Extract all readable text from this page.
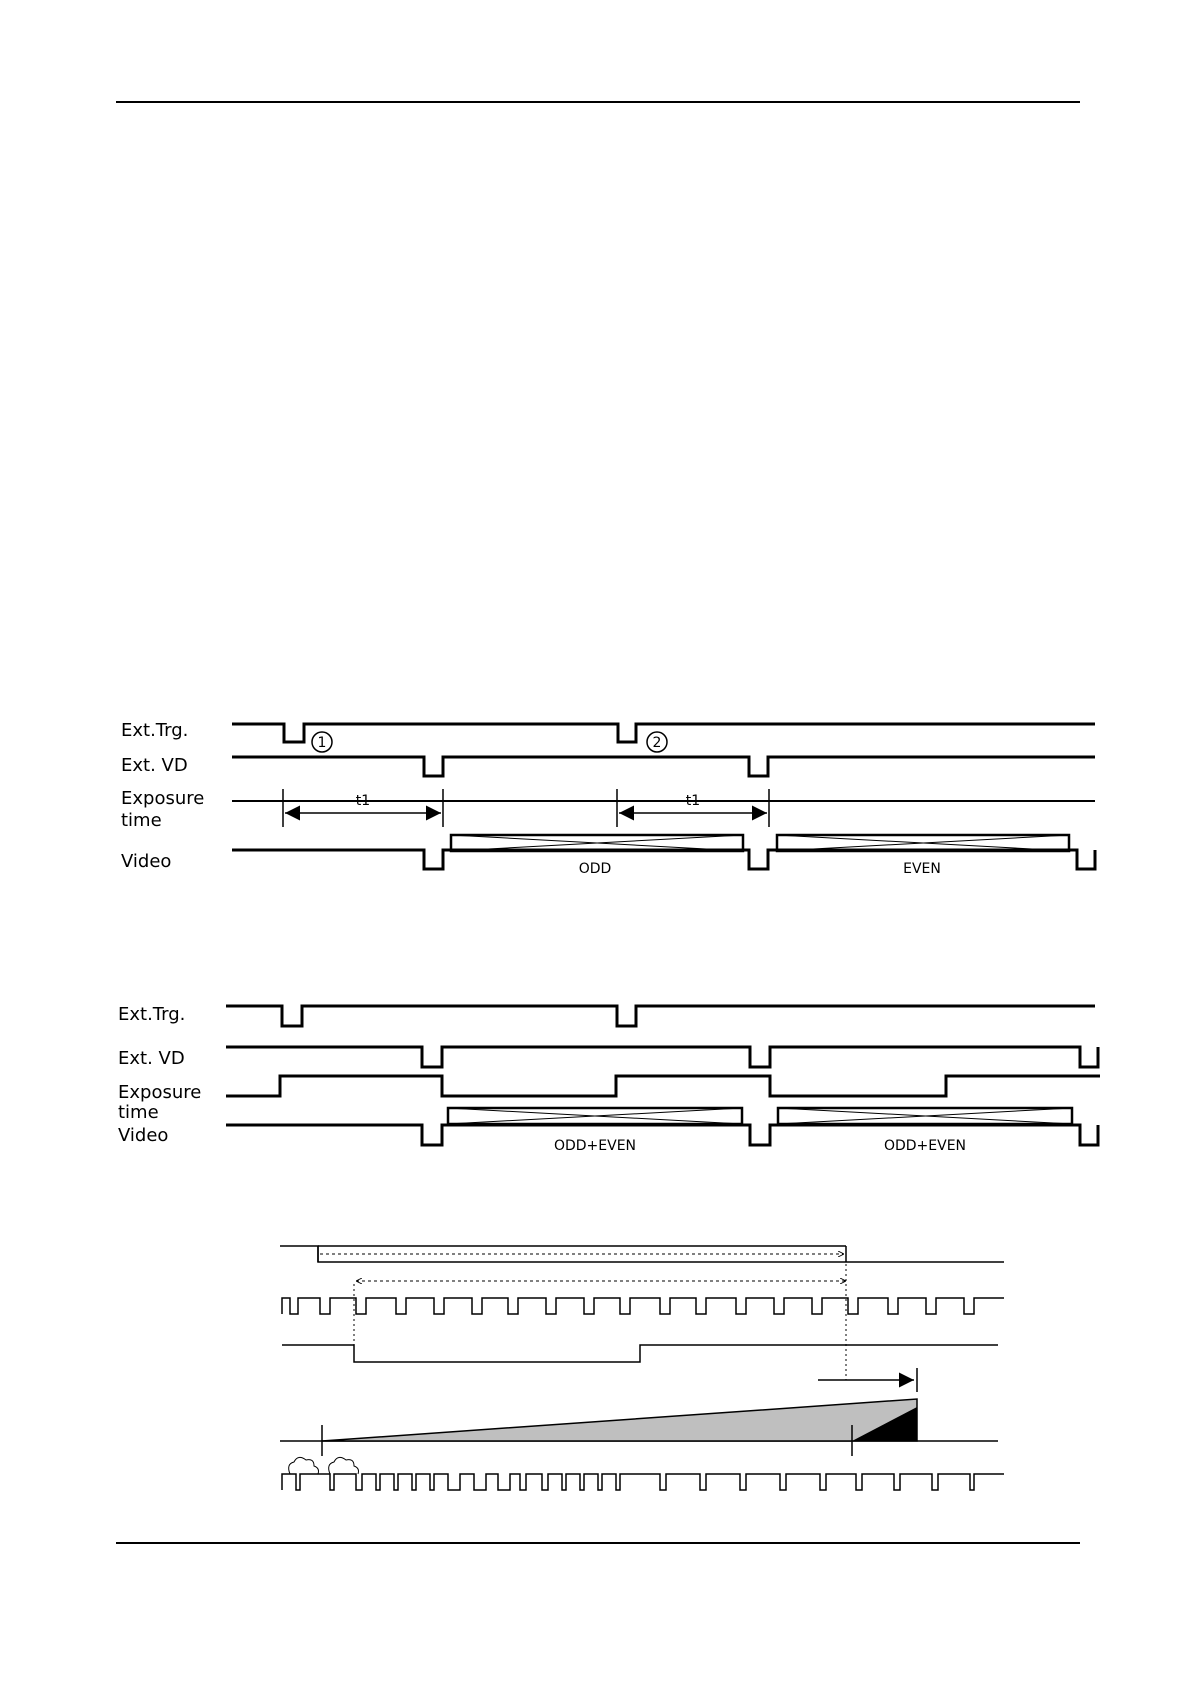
Ext.Trg.
Ext. VD
Exposure
time
Video
1	2
t1	t1
ODD	EVEN
Ext.Trg.
Ext. VD
Exposure
time
Video	ODD+EVEN	ODD+EVEN
